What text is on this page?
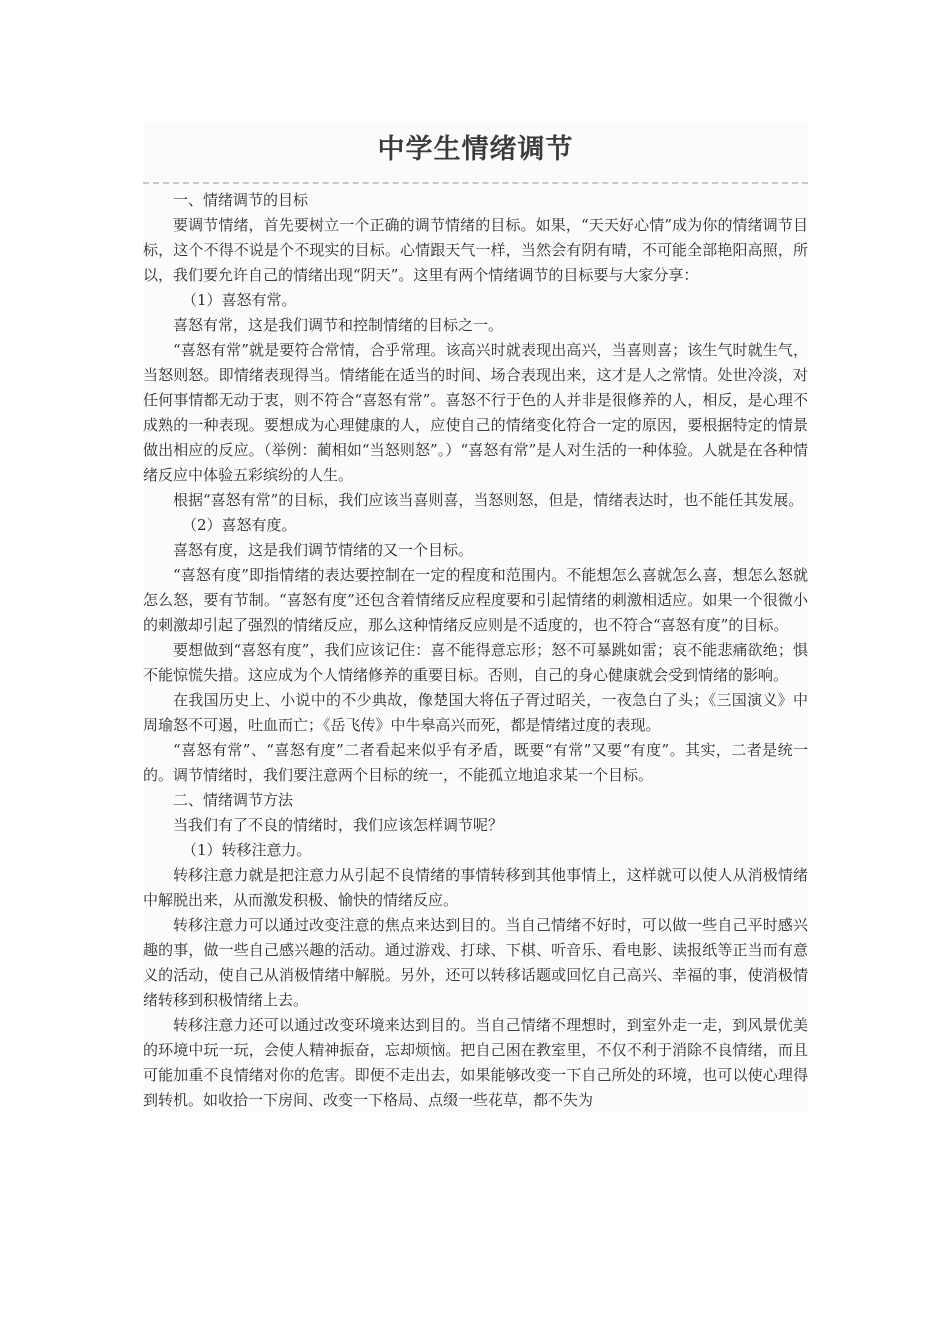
中学生情绪调节

一、情绪调节的目标

要调节情绪，首先要树立一个正确的调节情绪的目标。如果，“天天好心情”成为你的情绪调节目标，这个不得不说是个不现实的目标。心情跟天气一样，当然会有阴有晴，不可能全部艳阳高照，所以，我们要允许自己的情绪出现“阴天”。这里有两个情绪调节的目标要与大家分享：

（1）喜怒有常。

喜怒有常，这是我们调节和控制情绪的目标之一。

“喜怒有常”就是要符合常情，合乎常理。该高兴时就表现出高兴，当喜则喜；该生气时就生气，当怒则怒。即情绪表现得当。情绪能在适当的时间、场合表现出来，这才是人之常情。处世冷淡，对任何事情都无动于衷，则不符合“喜怒有常”。喜怒不行于色的人并非是很修养的人，相反，是心理不成熟的一种表现。要想成为心理健康的人，应使自己的情绪变化符合一定的原因，要根据特定的情景做出相应的反应。（举例：蔺相如“当怒则怒”。）“喜怒有常”是人对生活的一种体验。人就是在各种情绪反应中体验五彩缤纷的人生。

根据“喜怒有常”的目标，我们应该当喜则喜，当怒则怒，但是，情绪表达时，也不能任其发展。

（2）喜怒有度。

喜怒有度，这是我们调节情绪的又一个目标。

“喜怒有度”即指情绪的表达要控制在一定的程度和范围内。不能想怎么喜就怎么喜，想怎么怒就怎么怒，要有节制。“喜怒有度”还包含着情绪反应程度要和引起情绪的刺激相适应。如果一个很微小的刺激却引起了强烈的情绪反应，那么这种情绪反应则是不适度的，也不符合“喜怒有度”的目标。

要想做到“喜怒有度”，我们应该记住：喜不能得意忘形；怒不可暴跳如雷；哀不能悲痛欲绝；惧不能惊慌失措。这应成为个人情绪修养的重要目标。否则，自己的身心健康就会受到情绪的影响。

在我国历史上、小说中的不少典故，像楚国大将伍子胥过昭关，一夜急白了头；《三国演义》中周瑜怒不可遏，吐血而亡；《岳飞传》中牛皋高兴而死，都是情绪过度的表现。

“喜怒有常”、“喜怒有度”二者看起来似乎有矛盾，既要“有常”又要“有度”。其实，二者是统一的。调节情绪时，我们要注意两个目标的统一，不能孤立地追求某一个目标。

二、情绪调节方法

当我们有了不良的情绪时，我们应该怎样调节呢？

（1）转移注意力。

转移注意力就是把注意力从引起不良情绪的事情转移到其他事情上，这样就可以使人从消极情绪中解脱出来，从而激发积极、愉快的情绪反应。

转移注意力可以通过改变注意的焦点来达到目的。当自己情绪不好时，可以做一些自己平时感兴趣的事，做一些自己感兴趣的活动。通过游戏、打球、下棋、听音乐、看电影、读报纸等正当而有意义的活动，使自己从消极情绪中解脱。另外，还可以转移话题或回忆自己高兴、幸福的事，使消极情绪转移到积极情绪上去。

转移注意力还可以通过改变环境来达到目的。当自己情绪不理想时，到室外走一走，到风景优美的环境中玩一玩，会使人精神振奋，忘却烦恼。把自己困在教室里，不仅不利于消除不良情绪，而且可能加重不良情绪对你的危害。即便不走出去，如果能够改变一下自己所处的环境，也可以使心理得到转机。如收拾一下房间、改变一下格局、点缀一些花草，都不失为
